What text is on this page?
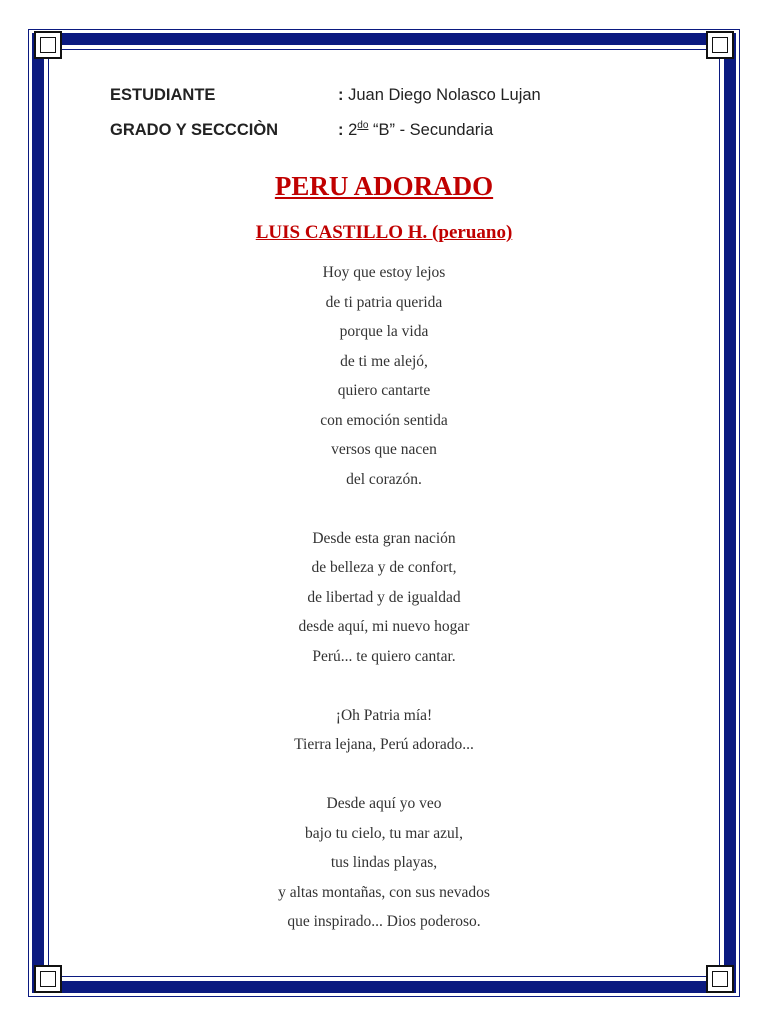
ESTUDIANTE	: Juan Diego Nolasco Lujan
GRADO Y SECCCIÒN	: $2^{do}$ “B” - Secundaria
PERU ADORADO
LUIS CASTILLO H. (peruano)
Hoy que estoy lejos
de ti patria querida
porque la vida
de ti me alejó,
quiero cantarte
con emoción sentida
versos que nacen
del corazón.
Desde esta gran nación
de belleza y de confort,
de libertad y de igualdad
desde aquí, mi nuevo hogar
Perú... te quiero cantar.
¡Oh Patria mía!
Tierra lejana, Perú adorado...
Desde aquí yo veo
bajo tu cielo, tu mar azul,
tus lindas playas,
y altas montañas, con sus nevados
que inspirado... Dios poderoso.
